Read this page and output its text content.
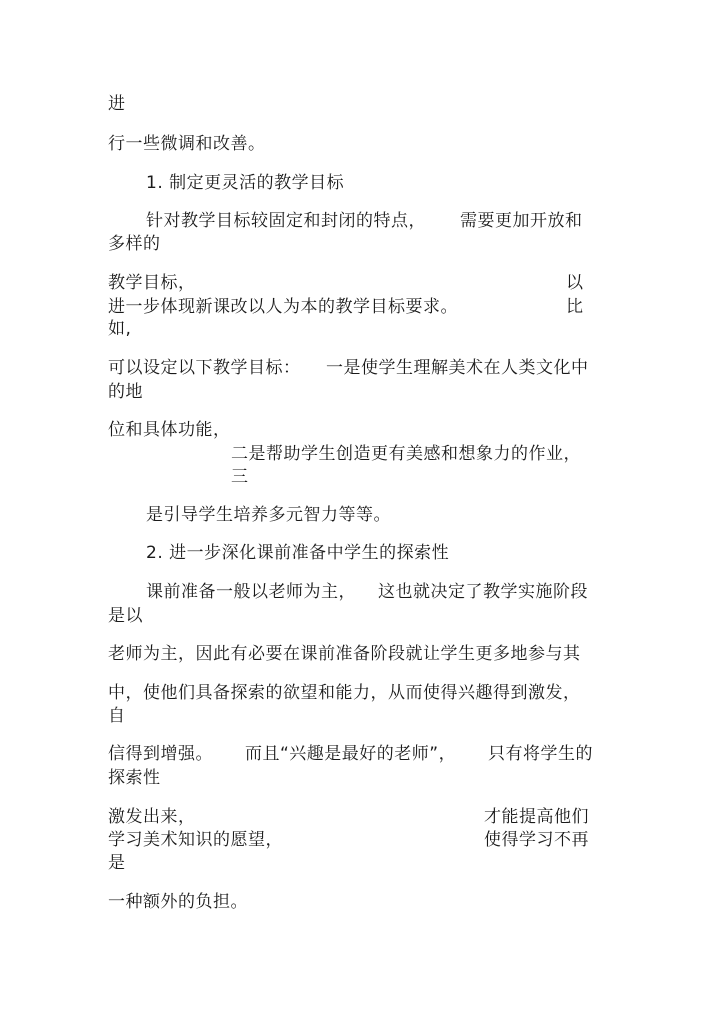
进
行一些微调和改善。
1. 制定更灵活的教学目标
针对教学目标较固定和封闭的特点， 需要更加开放和
多样的
教学目标，	以
进一步体现新课改以人为本的教学目标要求。	比
如,
可以设定以下教学目标： 一是使学生理解美术在人类文化中
的地
位和具体功能，
二是帮助学生创造更有美感和想象力的作业，
三
是引导学生培养多元智力等等。
2. 进一步深化课前准备中学生的探索性
课前准备一般以老师为主， 这也就决定了教学实施阶段
是以
老师为主，因此有必要在课前准备阶段就让学生更多地参与其
中，使他们具备探索的欲望和能力，从而使得兴趣得到激发，
自
信得到增强。 而且“兴趣是最好的老师”， 只有将学生的
探索性
激发出来，	才能提高他们
学习美术知识的愿望，	使得学习不再
是
一种额外的负担。
